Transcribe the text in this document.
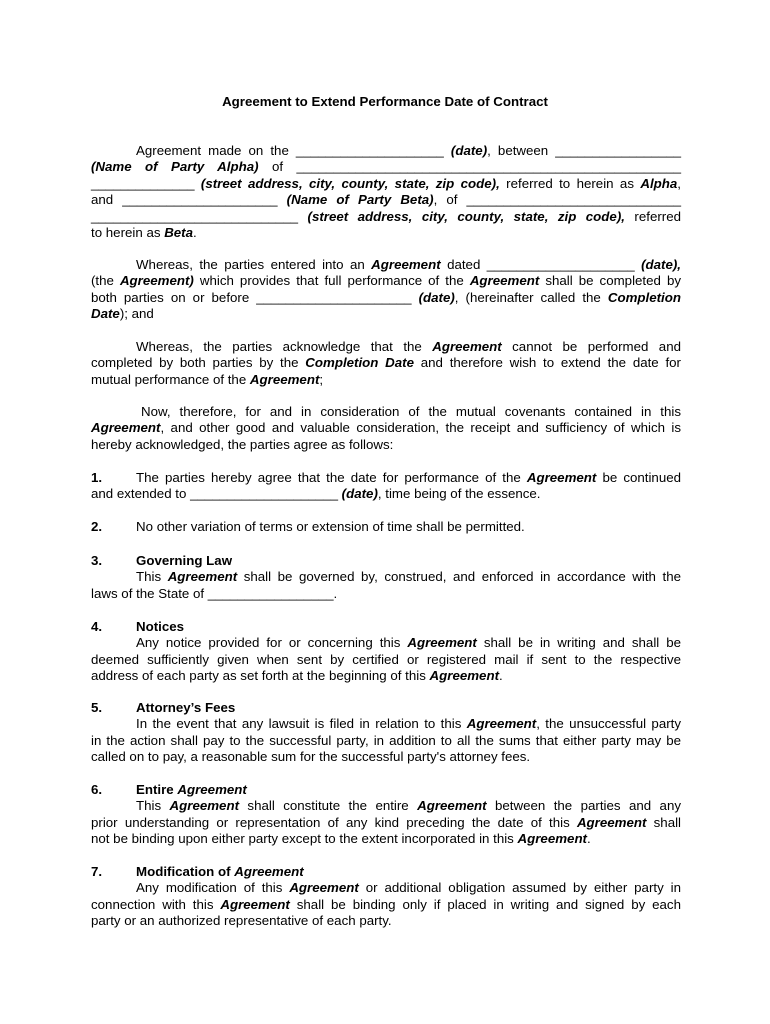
Agreement to Extend Performance Date of Contract
Agreement made on the ____________________ (date), between _________________
(Name of Party Alpha) of ____________________________________________________
______________ (street address, city, county, state, zip code), referred to herein as Alpha,
and _____________________ (Name of Party Beta), of _____________________________
____________________________ (street address, city, county, state, zip code), referred
to herein as Beta.
Whereas, the parties entered into an Agreement dated ____________________ (date),
(the Agreement) which provides that full performance of the Agreement shall be completed by
both parties on or before _____________________ (date), (hereinafter called the Completion
Date); and
Whereas, the parties acknowledge that the Agreement cannot be performed and
completed by both parties by the Completion Date and therefore wish to extend the date for
mutual performance of the Agreement;
Now, therefore, for and in consideration of the mutual covenants contained in this
Agreement, and other good and valuable consideration, the receipt and sufficiency of which is
hereby acknowledged, the parties agree as follows:
1.	The parties hereby agree that the date for performance of the Agreement be continued
and extended to ____________________ (date), time being of the essence.
2.	No other variation of terms or extension of time shall be permitted.
3.	Governing Law
This Agreement shall be governed by, construed, and enforced in accordance with the
laws of the State of _________________.
4.	Notices
Any notice provided for or concerning this Agreement shall be in writing and shall be
deemed sufficiently given when sent by certified or registered mail if sent to the respective
address of each party as set forth at the beginning of this Agreement.
5.	Attorney’s Fees
In the event that any lawsuit is filed in relation to this Agreement, the unsuccessful party
in the action shall pay to the successful party, in addition to all the sums that either party may be
called on to pay, a reasonable sum for the successful party's attorney fees.
6.	Entire Agreement
This Agreement shall constitute the entire Agreement between the parties and any
prior understanding or representation of any kind preceding the date of this Agreement shall
not be binding upon either party except to the extent incorporated in this Agreement.
7.	Modification of Agreement
Any modification of this Agreement or additional obligation assumed by either party in
connection with this Agreement shall be binding only if placed in writing and signed by each
party or an authorized representative of each party.
